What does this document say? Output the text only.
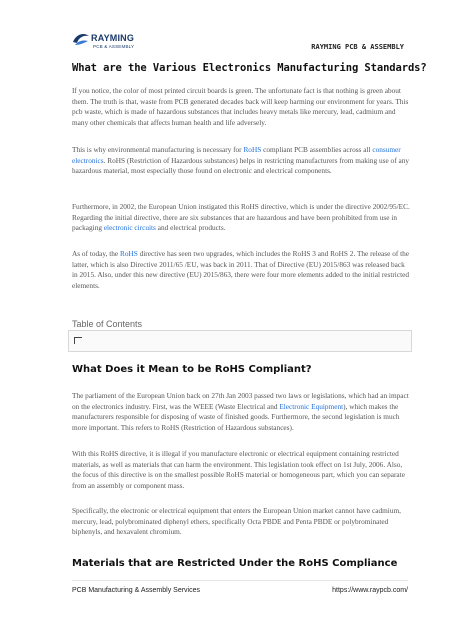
RAYMING
PCB & ASSEMBLY	RAYMING PCB & ASSEMBLY
What are the Various Electronics Manufacturing Standards?
If you notice, the color of most printed circuit boards is green. The unfortunate fact is that nothing is green about them. The truth is that, waste from PCB generated decades back will keep harming our environment for years. This pcb waste, which is made of hazardous substances that includes heavy metals like mercury, lead, cadmium and many other chemicals that affects human health and life adversely.
This is why environmental manufacturing is necessary for RoHS compliant PCB assemblies across all consumer electronics. RoHS (Restriction of Hazardous substances) helps in restricting manufacturers from making use of any hazardous material, most especially those found on electronic and electrical components.
Furthermore, in 2002, the European Union instigated this RoHS directive, which is under the directive 2002/95/EC. Regarding the initial directive, there are six substances that are hazardous and have been prohibited from use in packaging electronic circuits and electrical products.
As of today, the RoHS directive has seen two upgrades, which includes the RoHS 3 and RoHS 2. The release of the latter, which is also Directive 2011/65 /EU, was back in 2011. That of Directive (EU) 2015/863 was released back in 2015. Also, under this new directive (EU) 2015/863, there were four more elements added to the initial restricted elements.
Table of Contents
What Does it Mean to be RoHS Compliant?
The parliament of the European Union back on 27th Jan 2003 passed two laws or legislations, which had an impact on the electronics industry. First, was the WEEE (Waste Electrical and Electronic Equipment), which makes the manufacturers responsible for disposing of waste of finished goods. Furthermore, the second legislation is much more important. This refers to RoHS (Restriction of Hazardous substances).
With this RoHS directive, it is illegal if you manufacture electronic or electrical equipment containing restricted materials, as well as materials that can harm the environment. This legislation took effect on 1st July, 2006. Also, the focus of this directive is on the smallest possible RoHS material or homogeneous part, which you can separate from an assembly or component mass.
Specifically, the electronic or electrical equipment that enters the European Union market cannot have cadmium, mercury, lead, polybrominated diphenyl ethers, specifically Octa PBDE and Penta PBDE or polybrominated biphenyls, and hexavalent chromium.
Materials that are Restricted Under the RoHS Compliance
PCB Manufacturing & Assembly Services	https://www.raypcb.com/
